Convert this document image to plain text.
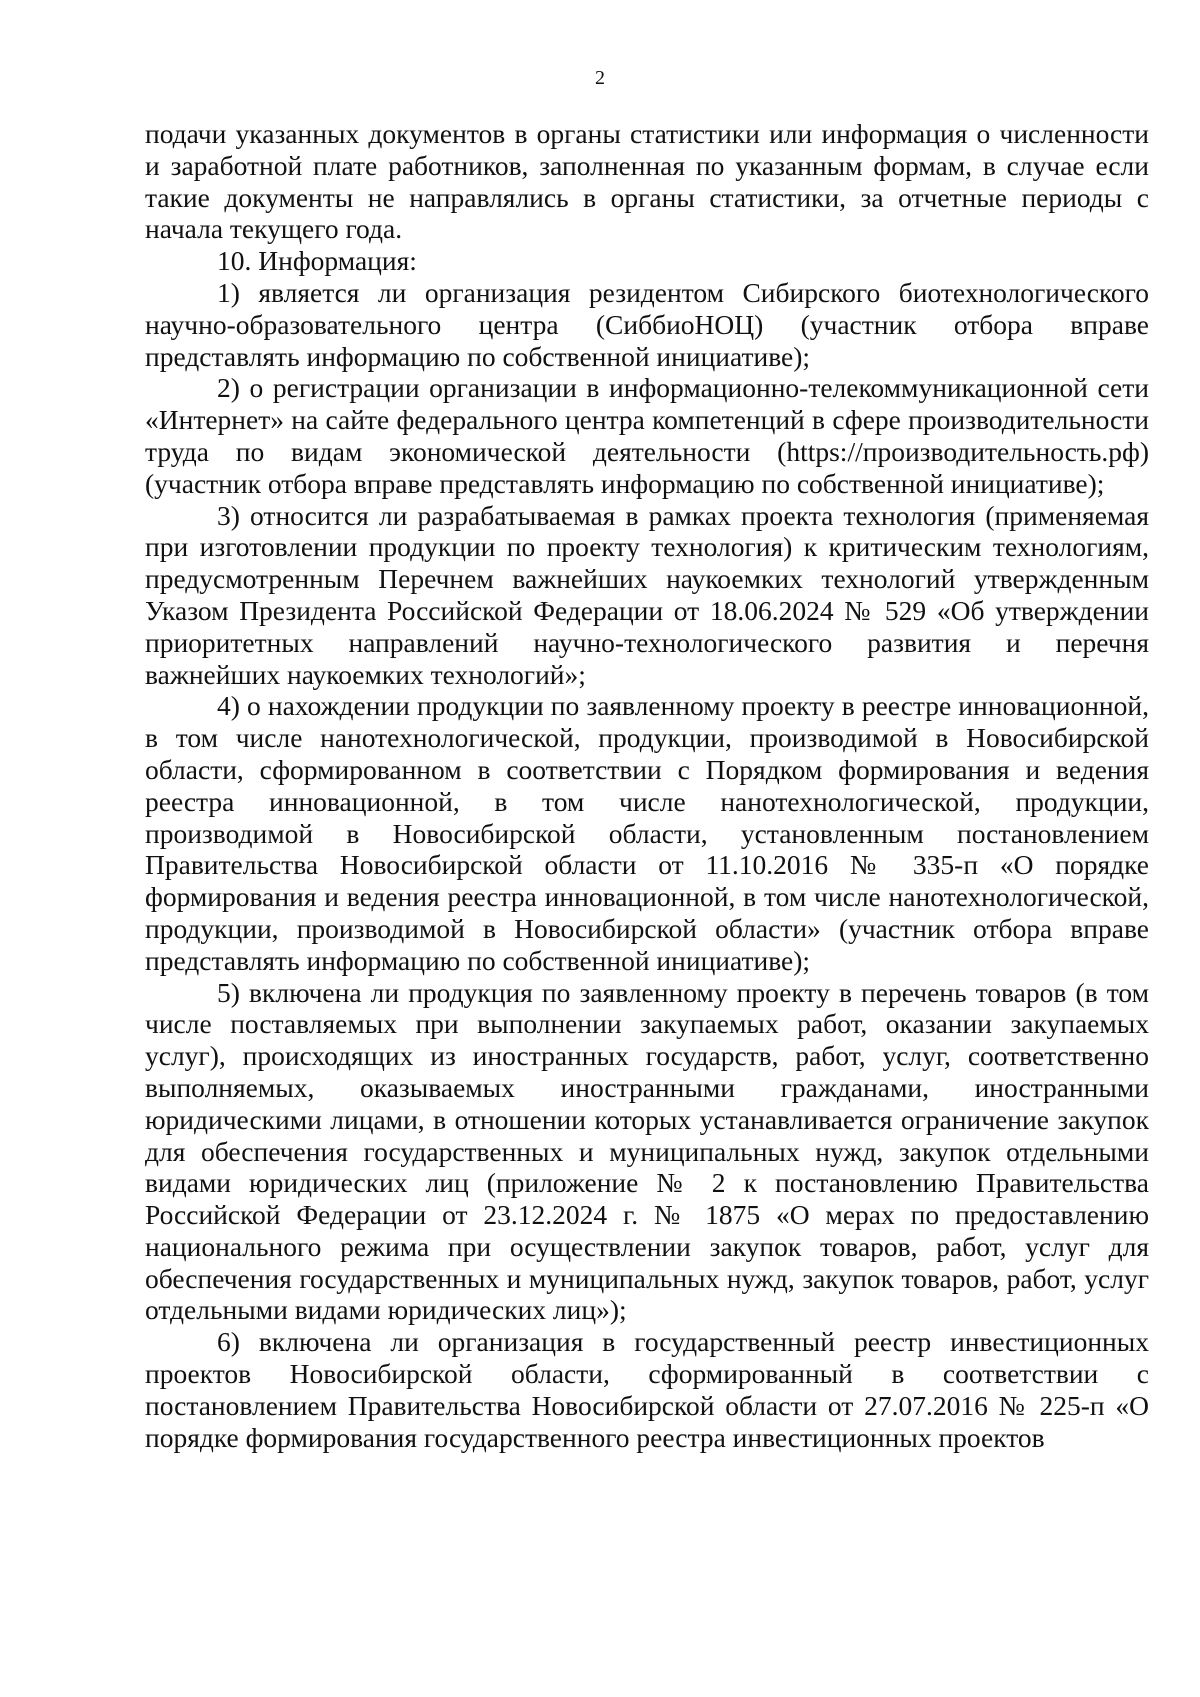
2

подачи указанных документов в органы статистики или информация о численности и заработной плате работников, заполненная по указанным формам, в случае если такие документы не направлялись в органы статистики, за отчетные периоды с начала текущего года.

10. Информация:

1) является ли организация резидентом Сибирского биотехнологического научно-образовательного центра (СиббиоНОЦ) (участник отбора вправе представлять информацию по собственной инициативе);

2) о регистрации организации в информационно-телекоммуникационной сети «Интернет» на сайте федерального центра компетенций в сфере производительности труда по видам экономической деятельности (https://производительность.рф) (участник отбора вправе представлять информацию по собственной инициативе);

3) относится ли разрабатываемая в рамках проекта технология (применяемая при изготовлении продукции по проекту технология) к критическим технологиям, предусмотренным Перечнем важнейших наукоемких технологий утвержденным Указом Президента Российской Федерации от 18.06.2024 № 529 «Об утверждении приоритетных направлений научно-технологического развития и перечня важнейших наукоемких технологий»;

4) о нахождении продукции по заявленному проекту в реестре инновационной, в том числе нанотехнологической, продукции, производимой в Новосибирской области, сформированном в соответствии с Порядком формирования и ведения реестра инновационной, в том числе нанотехнологической, продукции, производимой в Новосибирской области, установленным постановлением Правительства Новосибирской области от 11.10.2016 № 335-п «О порядке формирования и ведения реестра инновационной, в том числе нанотехнологической, продукции, производимой в Новосибирской области» (участник отбора вправе представлять информацию по собственной инициативе);

5) включена ли продукция по заявленному проекту в перечень товаров (в том числе поставляемых при выполнении закупаемых работ, оказании закупаемых услуг), происходящих из иностранных государств, работ, услуг, соответственно выполняемых, оказываемых иностранными гражданами, иностранными юридическими лицами, в отношении которых устанавливается ограничение закупок для обеспечения государственных и муниципальных нужд, закупок отдельными видами юридических лиц (приложение № 2 к постановлению Правительства Российской Федерации от 23.12.2024 г. № 1875 «О мерах по предоставлению национального режима при осуществлении закупок товаров, работ, услуг для обеспечения государственных и муниципальных нужд, закупок товаров, работ, услуг отдельными видами юридических лиц»);

6) включена ли организация в государственный реестр инвестиционных проектов Новосибирской области, сформированный в соответствии с постановлением Правительства Новосибирской области от 27.07.2016 № 225-п «О порядке формирования государственного реестра инвестиционных проектов
